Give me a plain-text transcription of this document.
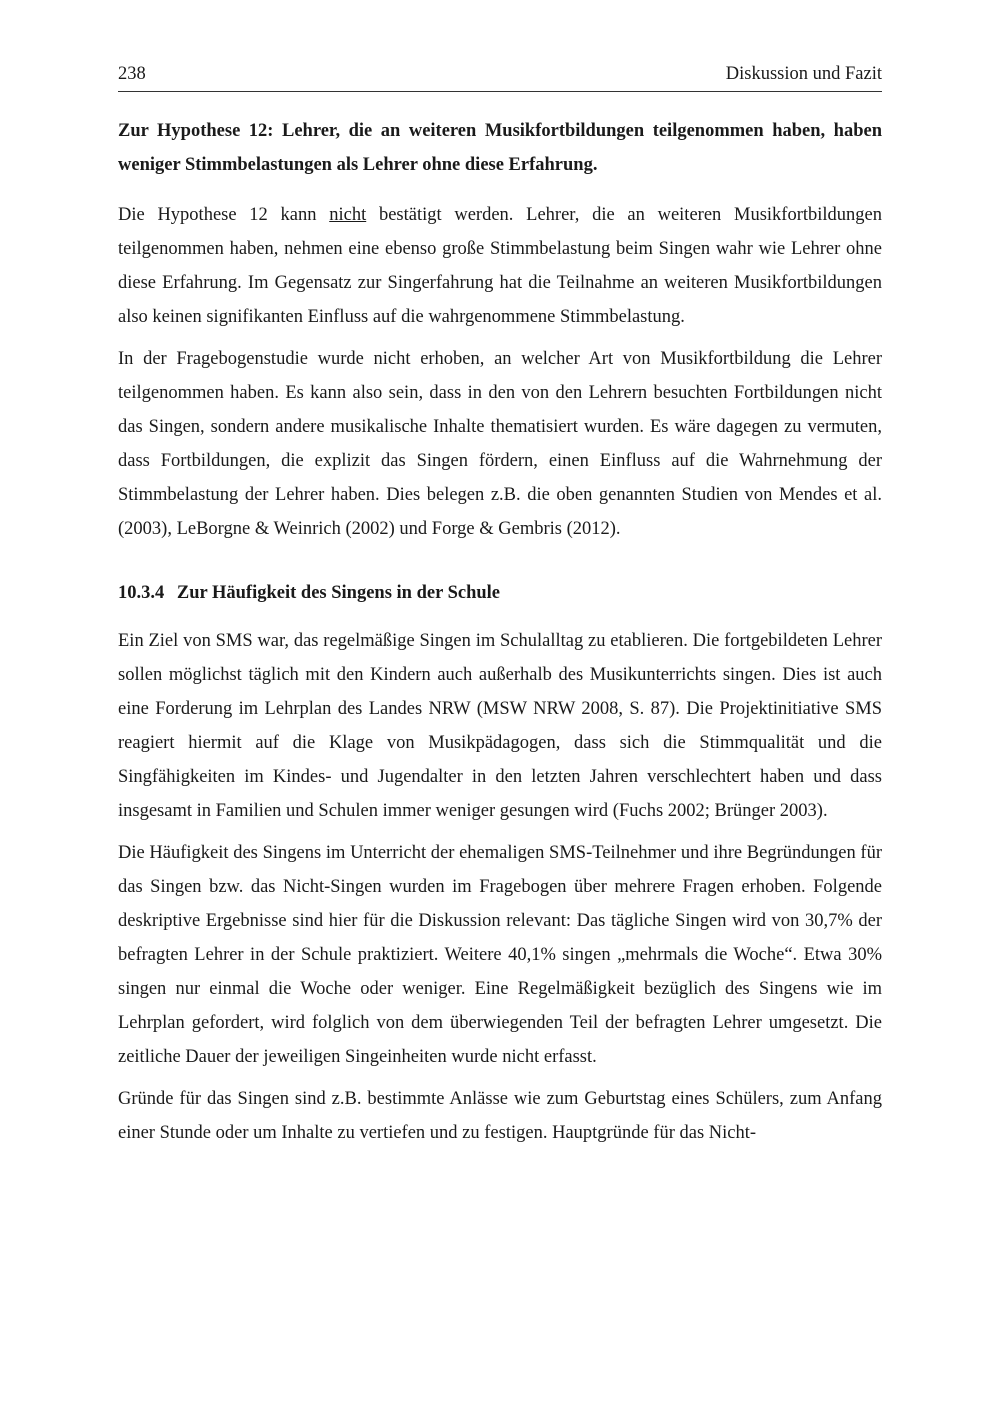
238	Diskussion und Fazit
Zur Hypothese 12: Lehrer, die an weiteren Musikfortbildungen teilgenommen haben, haben weniger Stimmbelastungen als Lehrer ohne diese Erfahrung.

Die Hypothese 12 kann nicht bestätigt werden. Lehrer, die an weiteren Musikfortbildungen teilgenommen haben, nehmen eine ebenso große Stimmbelastung beim Singen wahr wie Lehrer ohne diese Erfahrung. Im Gegensatz zur Singerfahrung hat die Teilnahme an weiteren Musikfortbildungen also keinen signifikanten Einfluss auf die wahrgenommene Stimmbelastung.

In der Fragebogenstudie wurde nicht erhoben, an welcher Art von Musikfortbildung die Lehrer teilgenommen haben. Es kann also sein, dass in den von den Lehrern besuchten Fortbildungen nicht das Singen, sondern andere musikalische Inhalte thematisiert wurden. Es wäre dagegen zu vermuten, dass Fortbildungen, die explizit das Singen fördern, einen Einfluss auf die Wahrnehmung der Stimmbelastung der Lehrer haben. Dies belegen z.B. die oben genannten Studien von Mendes et al. (2003), LeBorgne & Weinrich (2002) und Forge & Gembris (2012).

10.3.4 Zur Häufigkeit des Singens in der Schule

Ein Ziel von SMS war, das regelmäßige Singen im Schulalltag zu etablieren. Die fortgebildeten Lehrer sollen möglichst täglich mit den Kindern auch außerhalb des Musikunterrichts singen. Dies ist auch eine Forderung im Lehrplan des Landes NRW (MSW NRW 2008, S. 87). Die Projektinitiative SMS reagiert hiermit auf die Klage von Musikpädagogen, dass sich die Stimmqualität und die Singfähigkeiten im Kindes- und Jugendalter in den letzten Jahren verschlechtert haben und dass insgesamt in Familien und Schulen immer weniger gesungen wird (Fuchs 2002; Brünger 2003).

Die Häufigkeit des Singens im Unterricht der ehemaligen SMS-Teilnehmer und ihre Begründungen für das Singen bzw. das Nicht-Singen wurden im Fragebogen über mehrere Fragen erhoben. Folgende deskriptive Ergebnisse sind hier für die Diskussion relevant: Das tägliche Singen wird von 30,7% der befragten Lehrer in der Schule praktiziert. Weitere 40,1% singen „mehrmals die Woche“. Etwa 30% singen nur einmal die Woche oder weniger. Eine Regelmäßigkeit bezüglich des Singens wie im Lehrplan gefordert, wird folglich von dem überwiegenden Teil der befragten Lehrer umgesetzt. Die zeitliche Dauer der jeweiligen Singeinheiten wurde nicht erfasst.

Gründe für das Singen sind z.B. bestimmte Anlässe wie zum Geburtstag eines Schülers, zum Anfang einer Stunde oder um Inhalte zu vertiefen und zu festigen. Hauptgründe für das Nicht-
